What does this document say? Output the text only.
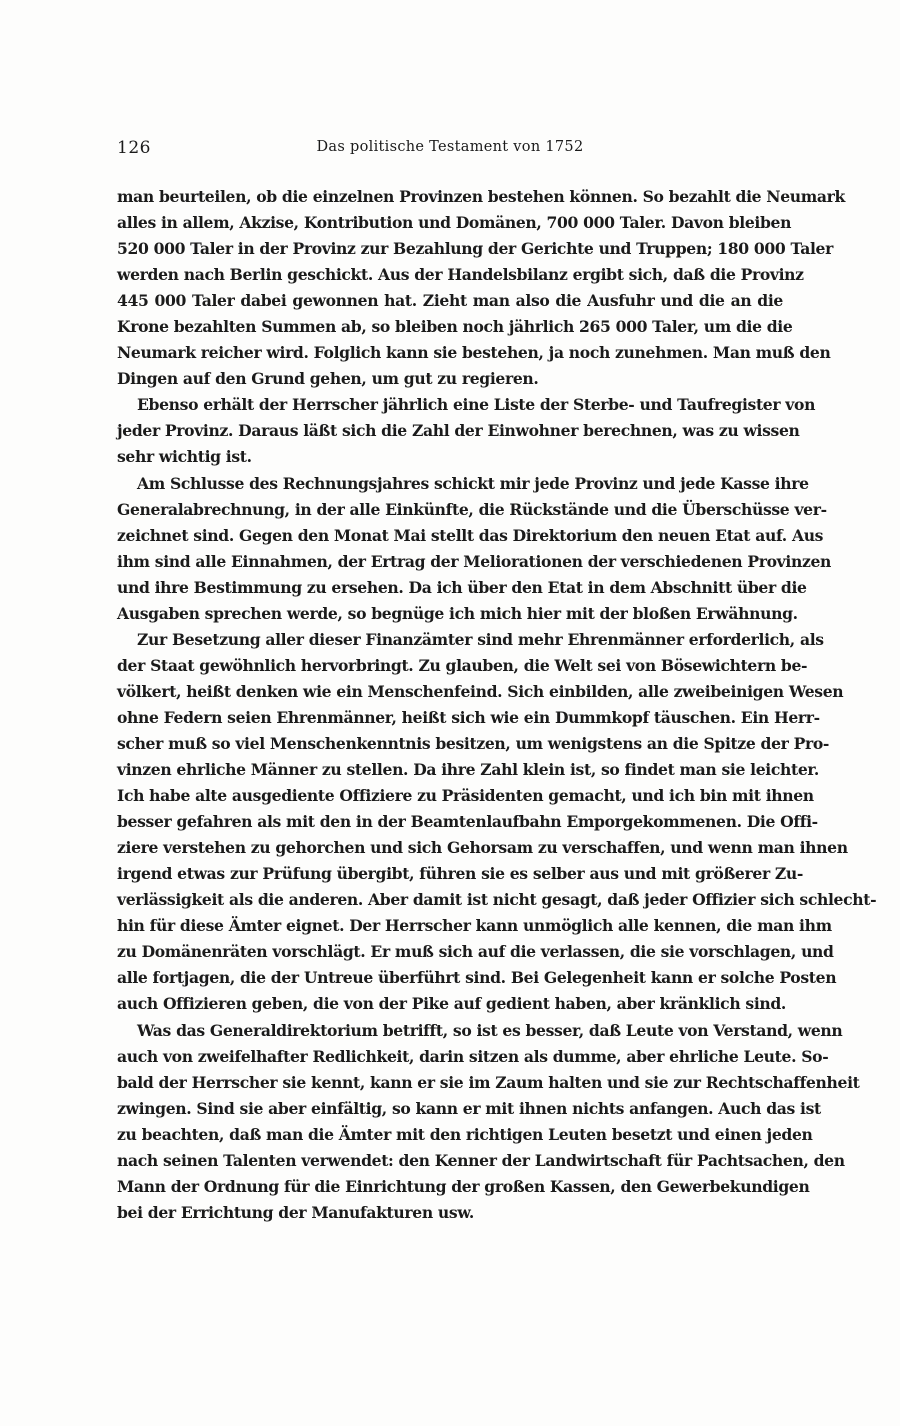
126	Das politische Testament von 1752
man beurteilen, ob die einzelnen Provinzen bestehen können. So bezahlt die Neumark
alles in allem, Akzise, Kontribution und Domänen, 700 000 Taler. Davon bleiben
520 000 Taler in der Provinz zur Bezahlung der Gerichte und Truppen; 180 000 Taler
werden nach Berlin geschickt. Aus der Handelsbilanz ergibt sich, daß die Provinz
445 000 Taler dabei gewonnen hat. Zieht man also die Ausfuhr und die an die
Krone bezahlten Summen ab, so bleiben noch jährlich 265 000 Taler, um die die
Neumark reicher wird. Folglich kann sie bestehen, ja noch zunehmen. Man muß den
Dingen auf den Grund gehen, um gut zu regieren.
Ebenso erhält der Herrscher jährlich eine Liste der Sterbe- und Taufregister von
jeder Provinz. Daraus läßt sich die Zahl der Einwohner berechnen, was zu wissen
sehr wichtig ist.
Am Schlusse des Rechnungsjahres schickt mir jede Provinz und jede Kasse ihre
Generalabrechnung, in der alle Einkünfte, die Rückstände und die Überschüsse ver-
zeichnet sind. Gegen den Monat Mai stellt das Direktorium den neuen Etat auf. Aus
ihm sind alle Einnahmen, der Ertrag der Meliorationen der verschiedenen Provinzen
und ihre Bestimmung zu ersehen. Da ich über den Etat in dem Abschnitt über die
Ausgaben sprechen werde, so begnüge ich mich hier mit der bloßen Erwähnung.
Zur Besetzung aller dieser Finanzämter sind mehr Ehrenmänner erforderlich, als
der Staat gewöhnlich hervorbringt. Zu glauben, die Welt sei von Bösewichtern be-
völkert, heißt denken wie ein Menschenfeind. Sich einbilden, alle zweibeinigen Wesen
ohne Federn seien Ehrenmänner, heißt sich wie ein Dummkopf täuschen. Ein Herr-
scher muß so viel Menschenkenntnis besitzen, um wenigstens an die Spitze der Pro-
vinzen ehrliche Männer zu stellen. Da ihre Zahl klein ist, so findet man sie leichter.
Ich habe alte ausgediente Offiziere zu Präsidenten gemacht, und ich bin mit ihnen
besser gefahren als mit den in der Beamtenlaufbahn Emporgekommenen. Die Offi-
ziere verstehen zu gehorchen und sich Gehorsam zu verschaffen, und wenn man ihnen
irgend etwas zur Prüfung übergibt, führen sie es selber aus und mit größerer Zu-
verlässigkeit als die anderen. Aber damit ist nicht gesagt, daß jeder Offizier sich schlecht-
hin für diese Ämter eignet. Der Herrscher kann unmöglich alle kennen, die man ihm
zu Domänenräten vorschlägt. Er muß sich auf die verlassen, die sie vorschlagen, und
alle fortjagen, die der Untreue überführt sind. Bei Gelegenheit kann er solche Posten
auch Offizieren geben, die von der Pike auf gedient haben, aber kränklich sind.
Was das Generaldirektorium betrifft, so ist es besser, daß Leute von Verstand, wenn
auch von zweifelhafter Redlichkeit, darin sitzen als dumme, aber ehrliche Leute. So-
bald der Herrscher sie kennt, kann er sie im Zaum halten und sie zur Rechtschaffenheit
zwingen. Sind sie aber einfältig, so kann er mit ihnen nichts anfangen. Auch das ist
zu beachten, daß man die Ämter mit den richtigen Leuten besetzt und einen jeden
nach seinen Talenten verwendet: den Kenner der Landwirtschaft für Pachtsachen, den
Mann der Ordnung für die Einrichtung der großen Kassen, den Gewerbekundigen
bei der Errichtung der Manufakturen usw.
